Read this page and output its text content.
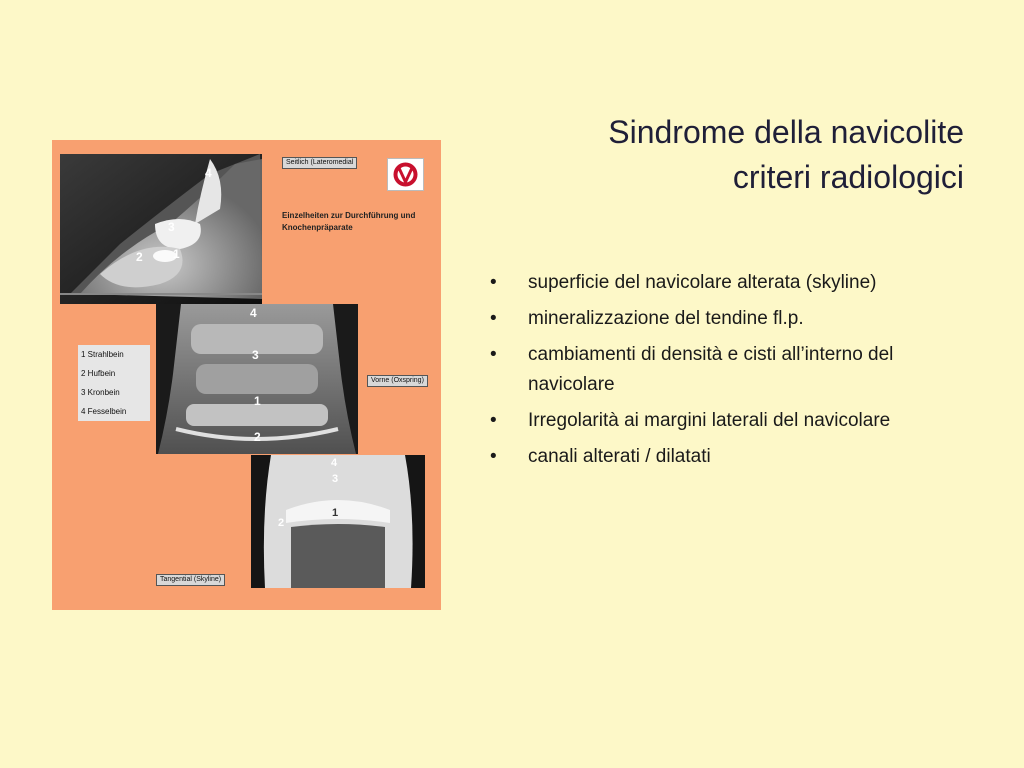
Sindrome della navicolite
criteri radiologici
• superficie del navicolare alterata (skyline)
• mineralizzazione del tendine fl.p.
• cambiamenti di densità e cisti all’interno del navicolare
• Irregolarità ai margini laterali del navicolare
• canali alterati / dilatati
4
3
2	1
4
3
1
2
4
3
1
2
Seitlich (Lateromedial
Vorne (Oxspring)
Tangential (Skyline)
Einzelheiten zur Durchführung und Knochenpräparate
1 Strahlbein
2 Hufbein
3 Kronbein
4 Fesselbein
